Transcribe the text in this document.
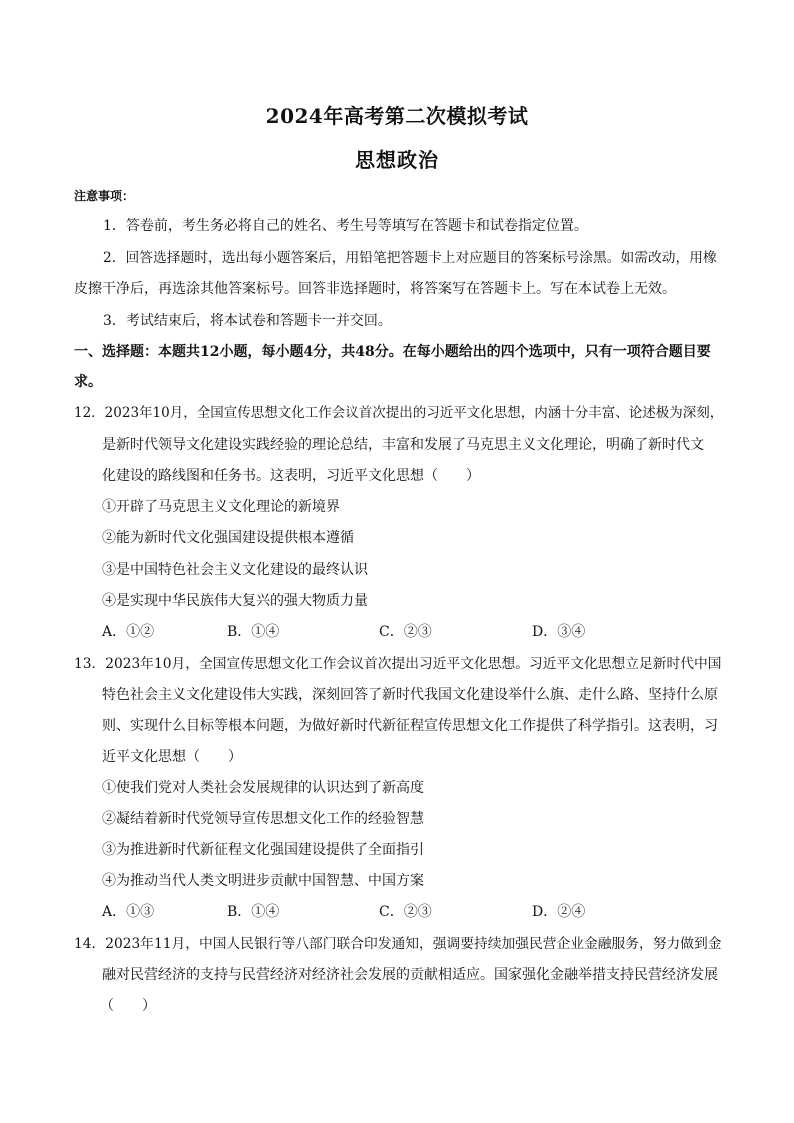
2024年高考第二次模拟考试
思想政治
注意事项：
1．答卷前，考生务必将自己的姓名、考生号等填写在答题卡和试卷指定位置。
2．回答选择题时，选出每小题答案后，用铅笔把答题卡上对应题目的答案标号涂黑。如需改动，用橡
皮擦干净后，再选涂其他答案标号。回答非选择题时，将答案写在答题卡上。写在本试卷上无效。
3．考试结束后，将本试卷和答题卡一并交回。
一、选择题：本题共12小题，每小题4分，共48分。在每小题给出的四个选项中，只有一项符合题目要
求。
12．2023年10月，全国宣传思想文化工作会议首次提出的习近平文化思想，内涵十分丰富、论述极为深刻，
是新时代领导文化建设实践经验的理论总结，丰富和发展了马克思主义文化理论，明确了新时代文
化建设的路线图和任务书。这表明，习近平文化思想（　　）
①开辟了马克思主义文化理论的新境界
②能为新时代文化强国建设提供根本遵循
③是中国特色社会主义文化建设的最终认识
④是实现中华民族伟大复兴的强大物质力量
A．①②	B．①④	C．②③	D．③④
13．2023年10月，全国宣传思想文化工作会议首次提出习近平文化思想。习近平文化思想立足新时代中国
特色社会主义文化建设伟大实践，深刻回答了新时代我国文化建设举什么旗、走什么路、坚持什么原
则、实现什么目标等根本问题，为做好新时代新征程宣传思想文化工作提供了科学指引。这表明，习
近平文化思想（　　）
①使我们党对人类社会发展规律的认识达到了新高度
②凝结着新时代党领导宣传思想文化工作的经验智慧
③为推进新时代新征程文化强国建设提供了全面指引
④为推动当代人类文明进步贡献中国智慧、中国方案
A．①③	B．①④	C．②③	D．②④
14．2023年11月，中国人民银行等八部门联合印发通知，强调要持续加强民营企业金融服务，努力做到金
融对民营经济的支持与民营经济对经济社会发展的贡献相适应。国家强化金融举措支持民营经济发展
（　　）
